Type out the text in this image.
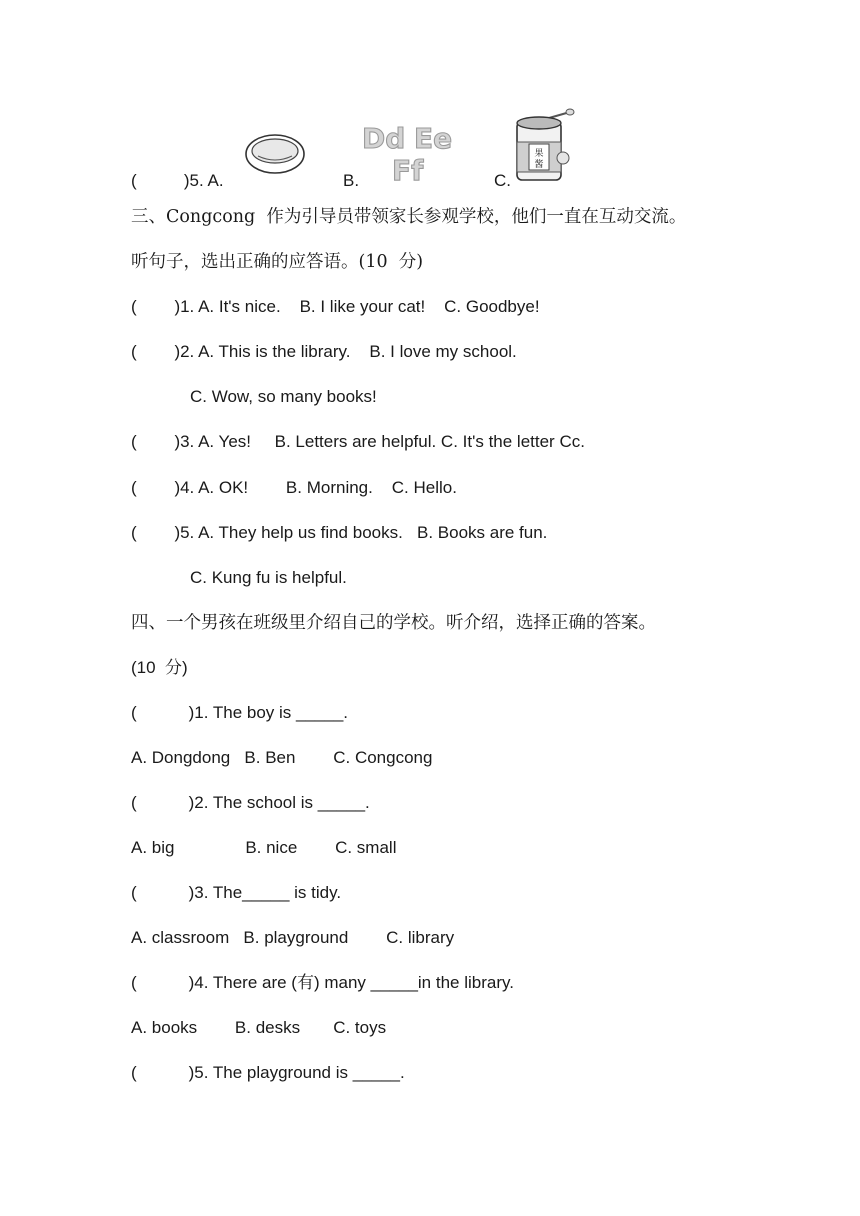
(          )5. A.	B.
Dd Ee
Ff	C.
果
酱
三、Congcong  作为引导员带领家长参观学校，他们一直在互动交流。
听句子，选出正确的应答语。(10  分)
(        )1. A. It's nice.    B. I like your cat!    C. Goodbye!
(        )2. A. This is the library.    B. I love my school.
C. Wow, so many books!
(        )3. A. Yes!     B. Letters are helpful. C. It's the letter Cc.
(        )4. A. OK!        B. Morning.    C. Hello.
(        )5. A. They help us find books.   B. Books are fun.
C. Kung fu is helpful.
四、一个男孩在班级里介绍自己的学校。听介绍，选择正确的答案。
(10  分)
(           )1. The boy is _____.
A. Dongdong   B. Ben        C. Congcong
(           )2. The school is _____.
A. big               B. nice        C. small
(           )3. The_____ is tidy.
A. classroom   B. playground        C. library
(           )4. There are (有) many _____in the library.
A. books        B. desks       C. toys
(           )5. The playground is _____.
